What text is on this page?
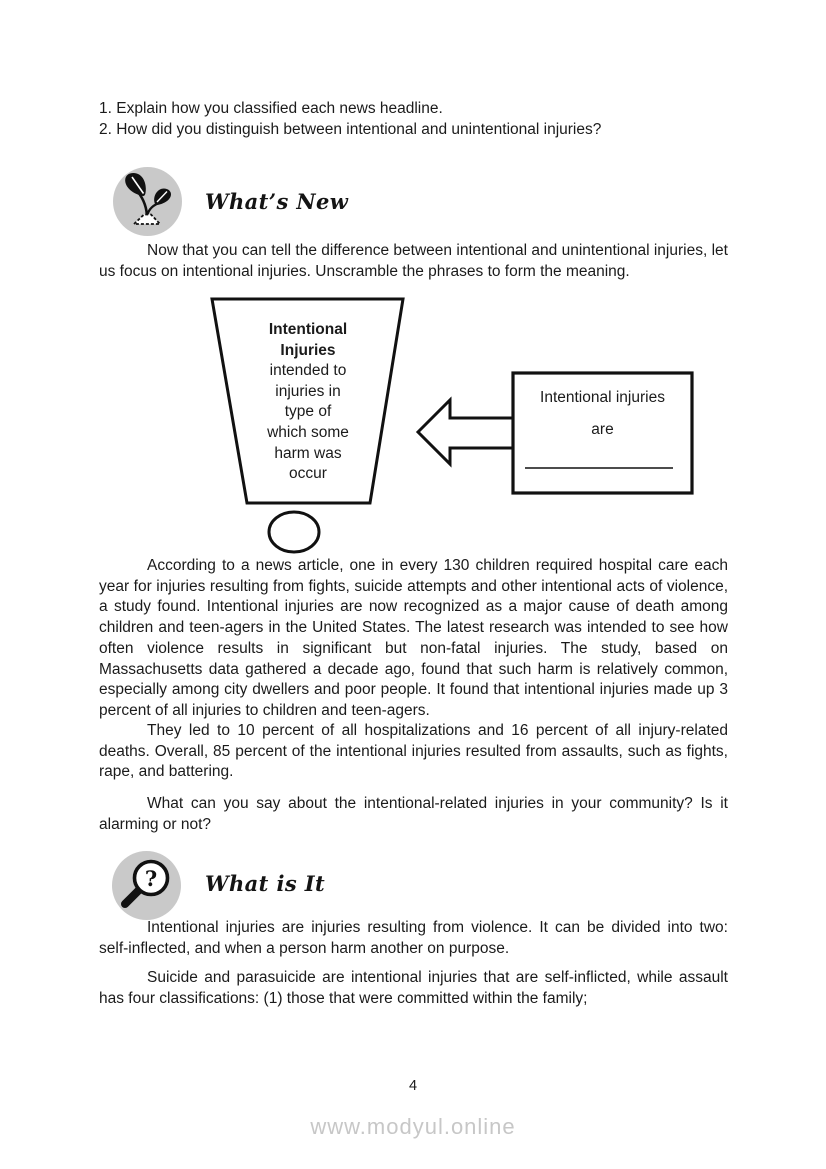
1. Explain how you classified each news headline.
2. How did you distinguish between intentional and unintentional injuries?
What’s New

Now that you can tell the difference between intentional and unintentional injuries, let us focus on intentional injuries. Unscramble the phrases to form the meaning.

Intentional
Injuries
intended to
injuries in
type of
which some
harm was
occur
Intentional injuries
are

According to a news article, one in every 130 children required hospital care each year for injuries resulting from fights, suicide attempts and other intentional acts of violence, a study found. Intentional injuries are now recognized as a major cause of death among children and teen-agers in the United States. The latest research was intended to see how often violence results in significant but non-fatal injuries. The study, based on Massachusetts data gathered a decade ago, found that such harm is relatively common, especially among city dwellers and poor people. It found that intentional injuries made up 3 percent of all injuries to children and teen-agers.

They led to 10 percent of all hospitalizations and 16 percent of all injury-related deaths. Overall, 85 percent of the intentional injuries resulted from assaults, such as fights, rape, and battering.

What can you say about the intentional-related injuries in your community? Is it alarming or not?

? What is It

Intentional injuries are injuries resulting from violence. It can be divided into two: self-inflected, and when a person harm another on purpose.

Suicide and parasuicide are intentional injuries that are self-inflicted, while assault has four classifications: (1) those that were committed within the family;

4
www.modyul.online
